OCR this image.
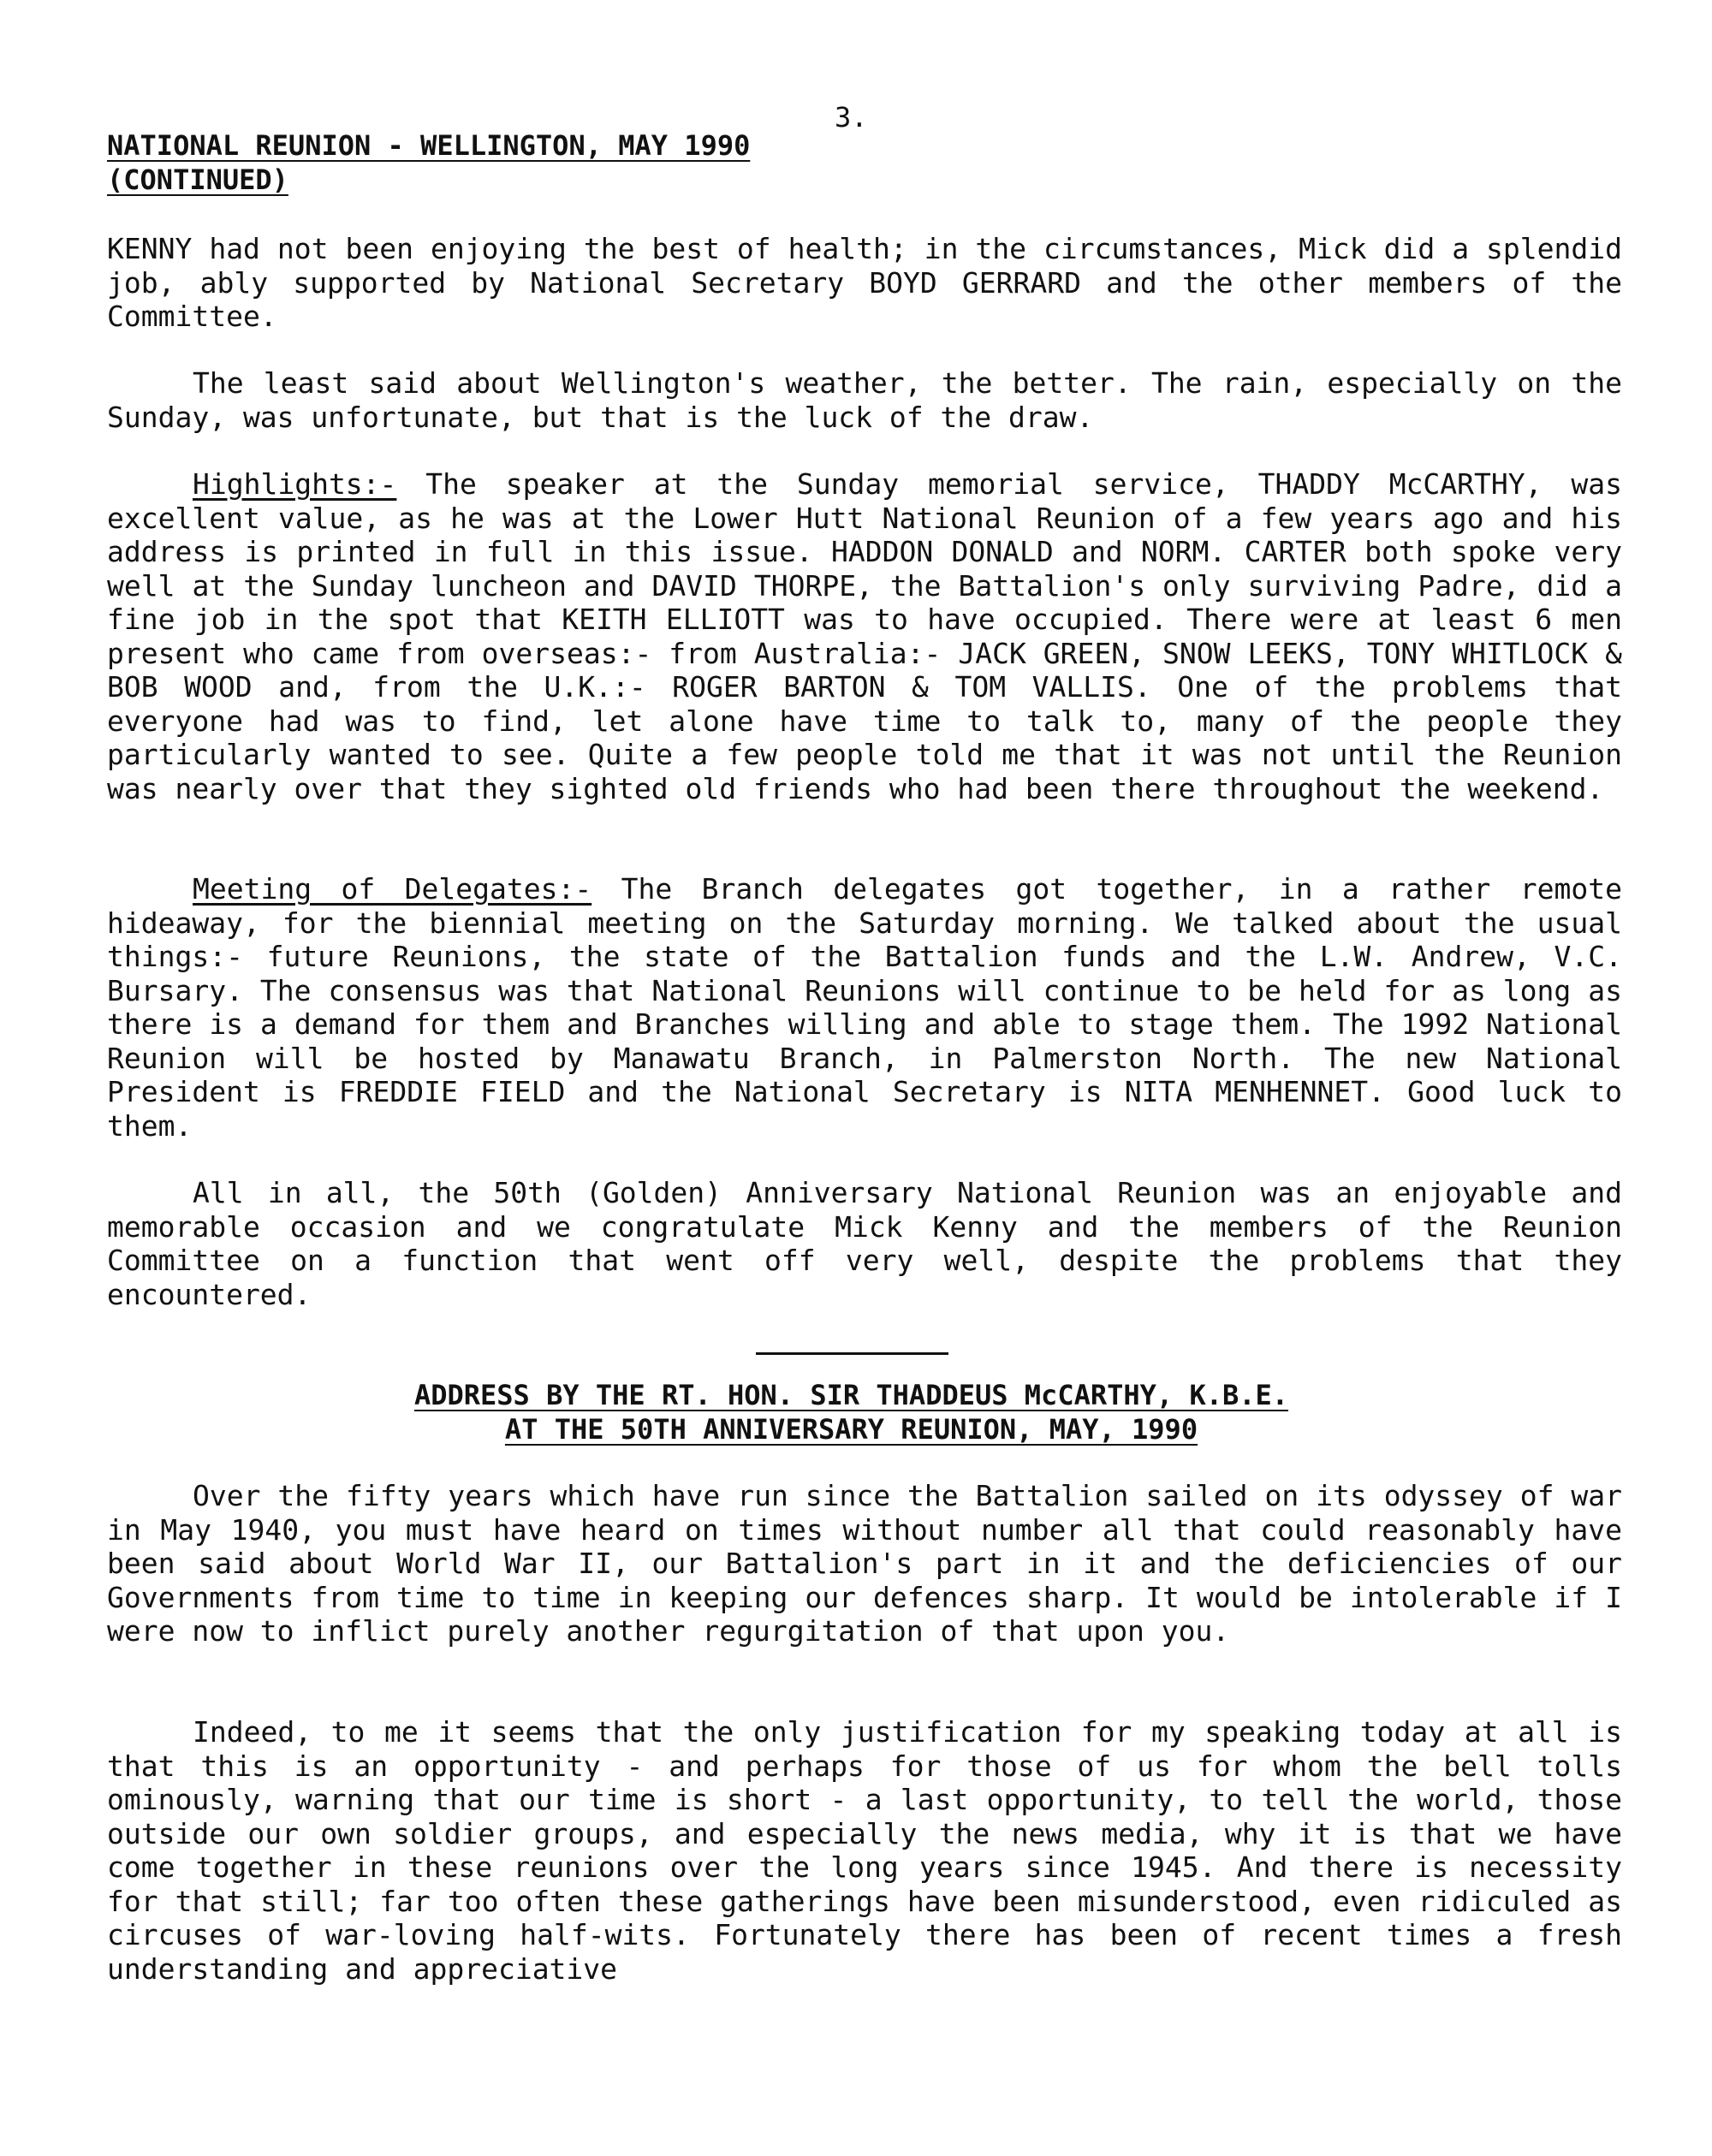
3.
NATIONAL REUNION - WELLINGTON, MAY 1990
(CONTINUED)

KENNY had not been enjoying the best of health; in the circumstances, Mick did a splendid job, ably supported by National Secretary BOYD GERRARD and the other members of the Committee.

The least said about Wellington's weather, the better. The rain, especially on the Sunday, was unfortunate, but that is the luck of the draw.

Highlights:- The speaker at the Sunday memorial service, THADDY McCARTHY, was excellent value, as he was at the Lower Hutt National Reunion of a few years ago and his address is printed in full in this issue. HADDON DONALD and NORM. CARTER both spoke very well at the Sunday luncheon and DAVID THORPE, the Battalion's only surviving Padre, did a fine job in the spot that KEITH ELLIOTT was to have occupied. There were at least 6 men present who came from overseas:- from Australia:- JACK GREEN, SNOW LEEKS, TONY WHITLOCK & BOB WOOD and, from the U.K.:- ROGER BARTON & TOM VALLIS. One of the problems that everyone had was to find, let alone have time to talk to, many of the people they particularly wanted to see. Quite a few people told me that it was not until the Reunion was nearly over that they sighted old friends who had been there throughout the weekend.

Meeting of Delegates:- The Branch delegates got together, in a rather remote hideaway, for the biennial meeting on the Saturday morning. We talked about the usual things:- future Reunions, the state of the Battalion funds and the L.W. Andrew, V.C. Bursary. The consensus was that National Reunions will continue to be held for as long as there is a demand for them and Branches willing and able to stage them. The 1992 National Reunion will be hosted by Manawatu Branch, in Palmerston North. The new National President is FREDDIE FIELD and the National Secretary is NITA MENHENNET. Good luck to them.

All in all, the 50th (Golden) Anniversary National Reunion was an enjoyable and memorable occasion and we congratulate Mick Kenny and the members of the Reunion Committee on a function that went off very well, despite the problems that they encountered.

ADDRESS BY THE RT. HON. SIR THADDEUS McCARTHY, K.B.E.
AT THE 50TH ANNIVERSARY REUNION, MAY, 1990

Over the fifty years which have run since the Battalion sailed on its odyssey of war in May 1940, you must have heard on times without number all that could reasonably have been said about World War II, our Battalion's part in it and the deficiencies of our Governments from time to time in keeping our defences sharp. It would be intolerable if I were now to inflict purely another regurgitation of that upon you.

Indeed, to me it seems that the only justification for my speaking today at all is that this is an opportunity - and perhaps for those of us for whom the bell tolls ominously, warning that our time is short - a last opportunity, to tell the world, those outside our own soldier groups, and especially the news media, why it is that we have come together in these reunions over the long years since 1945. And there is necessity for that still; far too often these gatherings have been misunderstood, even ridiculed as circuses of war-loving half-wits. Fortunately there has been of recent times a fresh understanding and appreciative
